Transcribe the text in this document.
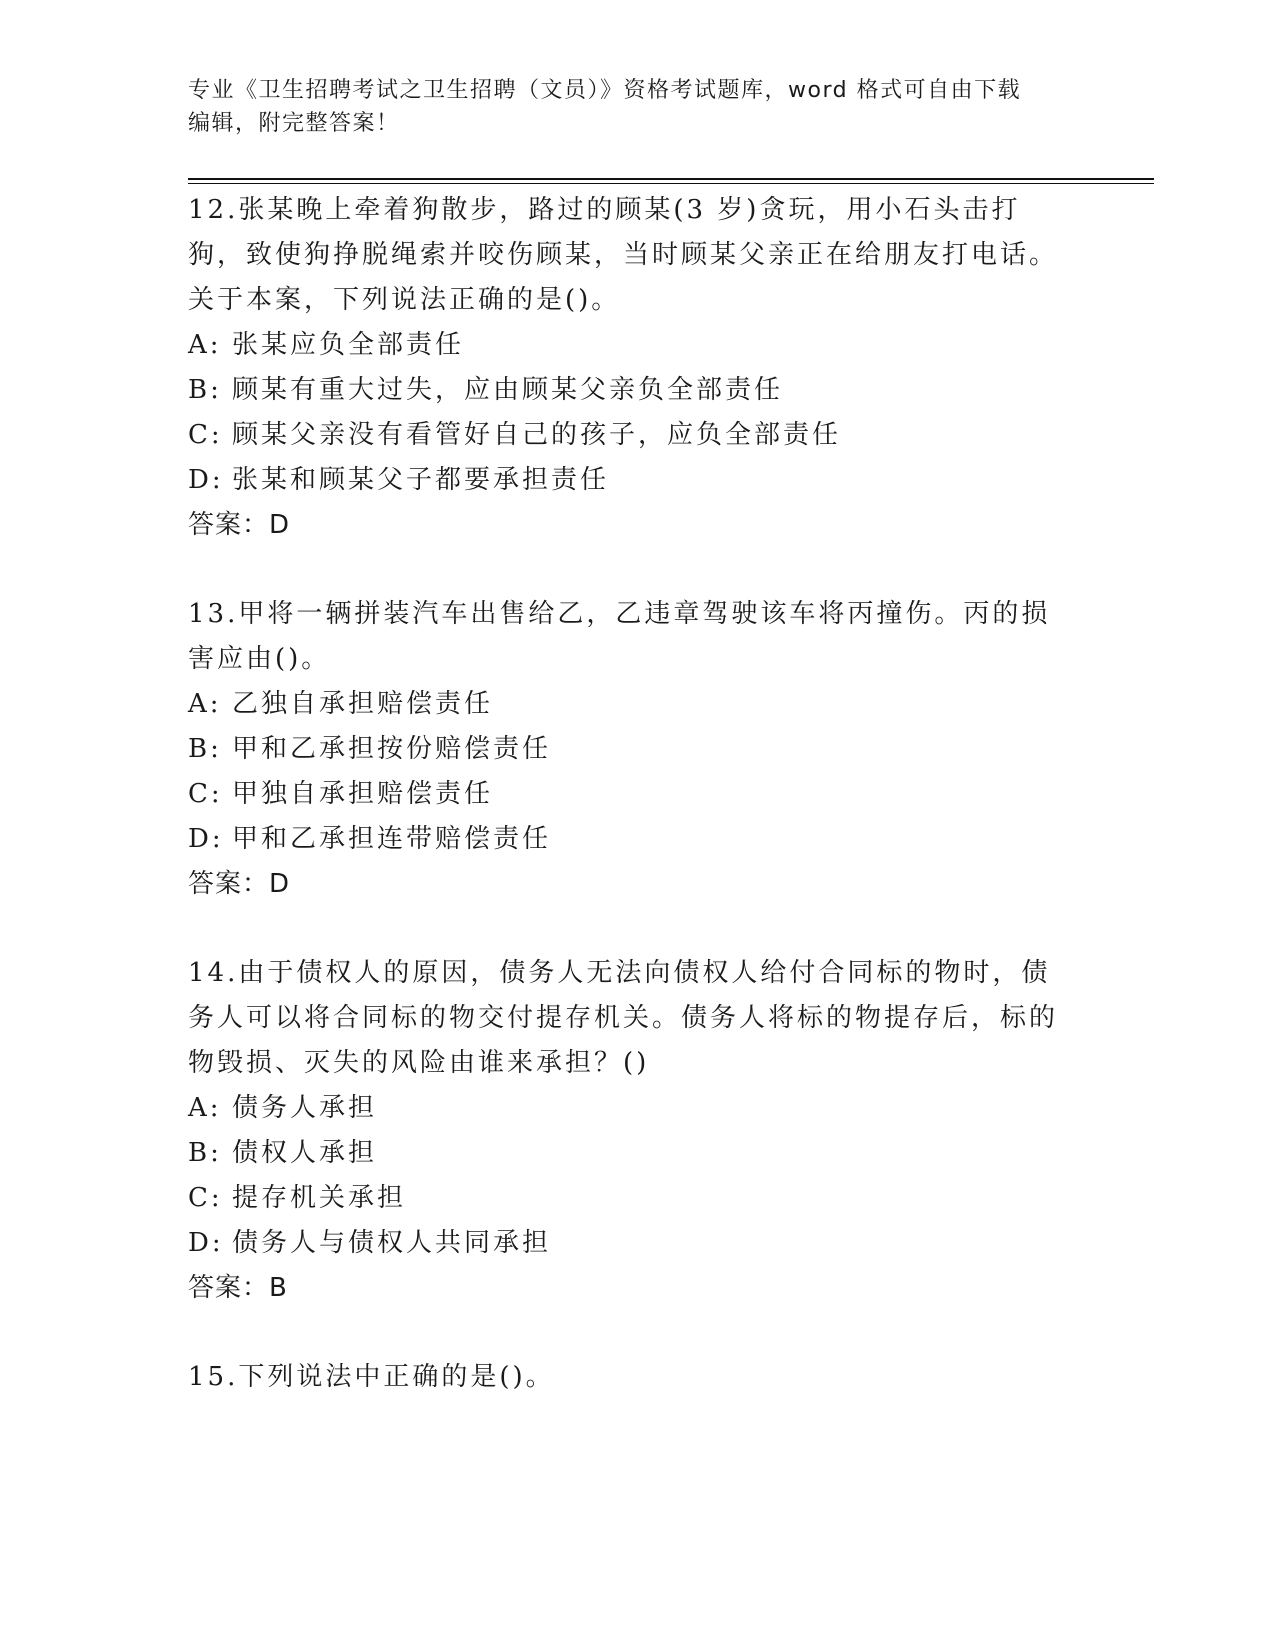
专业《卫生招聘考试之卫生招聘（文员）》资格考试题库，word 格式可自由下载
编辑，附完整答案！

12.张某晚上牵着狗散步，路过的顾某(3 岁)贪玩，用小石头击打狗，致使狗挣脱绳索并咬伤顾某，当时顾某父亲正在给朋友打电话。关于本案，下列说法正确的是()。

A: 张某应负全部责任

B: 顾某有重大过失，应由顾某父亲负全部责任

C: 顾某父亲没有看管好自己的孩子，应负全部责任

D: 张某和顾某父子都要承担责任

答案：D

13.甲将一辆拼装汽车出售给乙，乙违章驾驶该车将丙撞伤。丙的损害应由()。

A: 乙独自承担赔偿责任

B: 甲和乙承担按份赔偿责任

C: 甲独自承担赔偿责任

D: 甲和乙承担连带赔偿责任

答案：D

14.由于债权人的原因，债务人无法向债权人给付合同标的物时，债务人可以将合同标的物交付提存机关。债务人将标的物提存后，标的物毁损、灭失的风险由谁来承担？()

A: 债务人承担

B: 债权人承担

C: 提存机关承担

D: 债务人与债权人共同承担

答案：B

15.下列说法中正确的是()。
